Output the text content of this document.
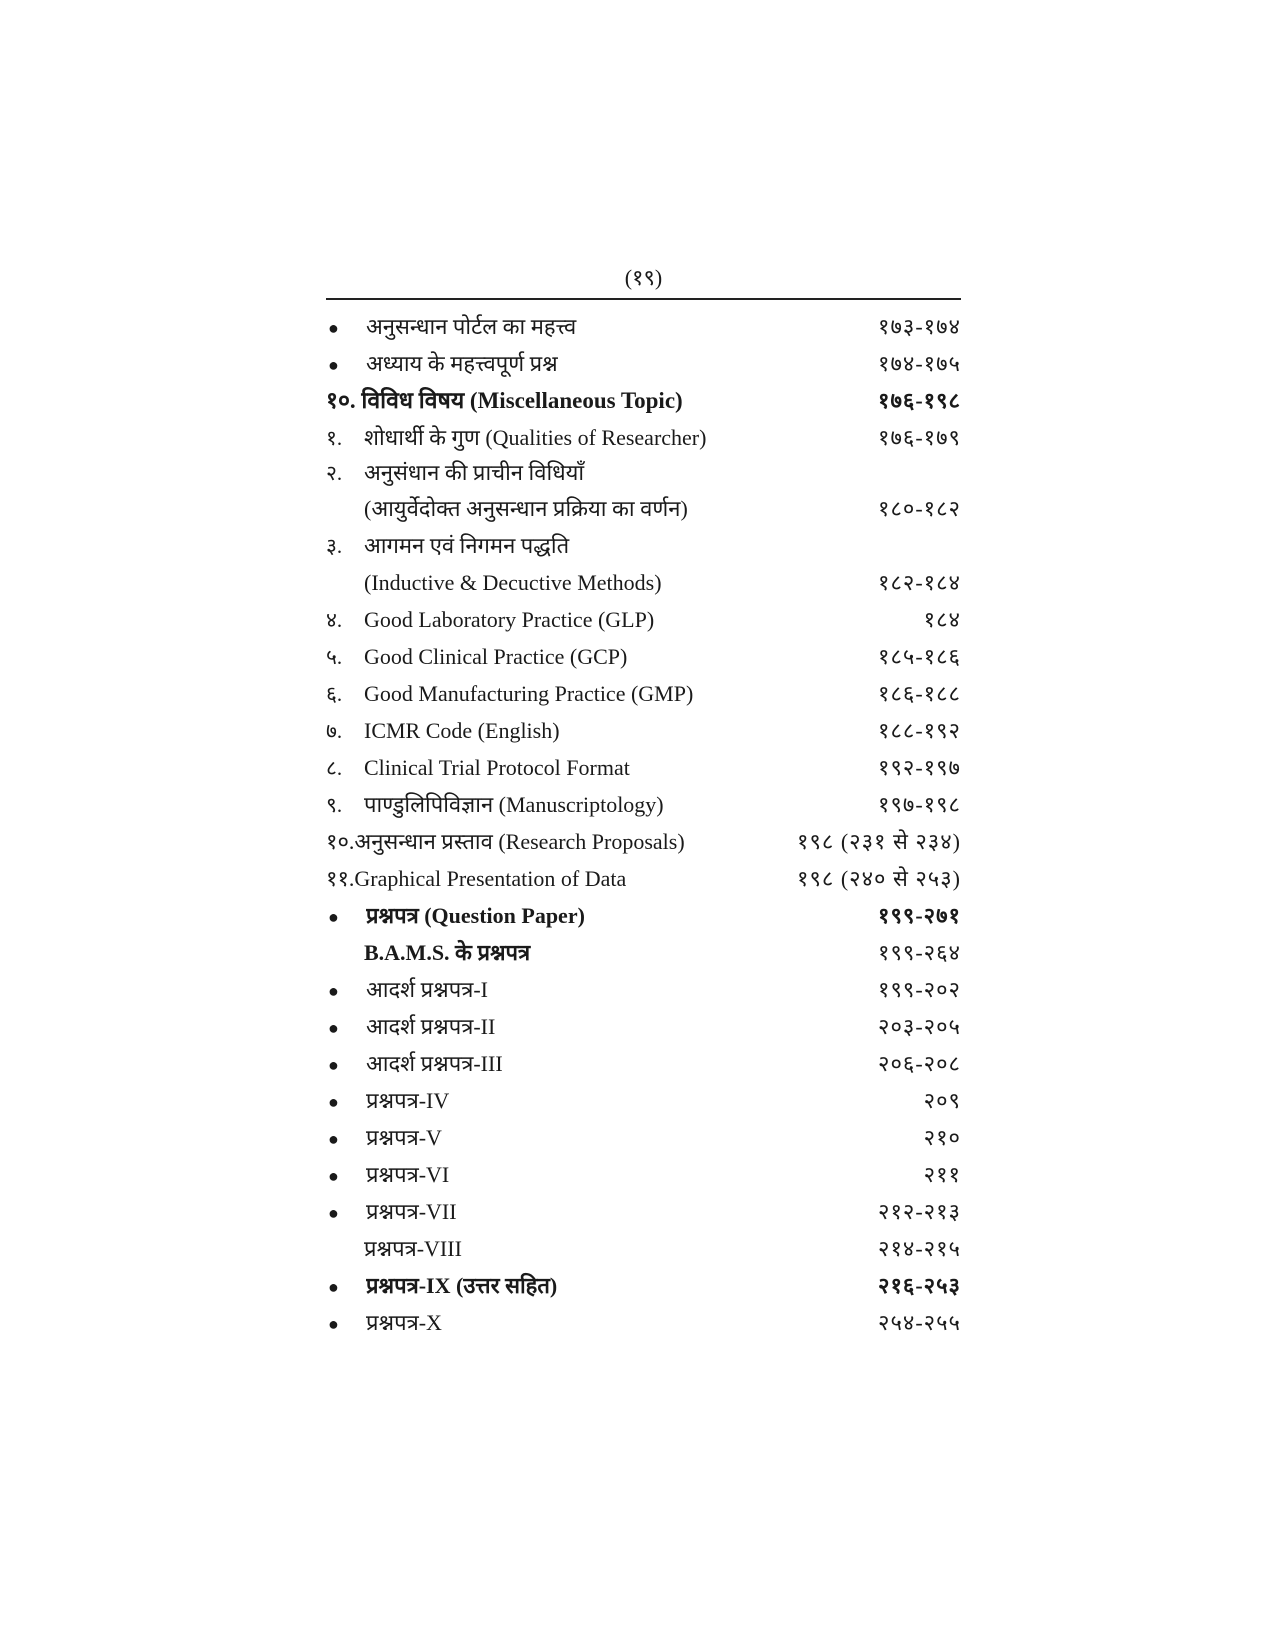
(१९)
●	अनुसन्धान पोर्टल का महत्त्व	१७३-१७४
●	अध्याय के महत्त्वपूर्ण प्रश्न	१७४-१७५
१०. विविध विषय (Miscellaneous Topic)	१७६-१९८
१. शोधार्थी के गुण (Qualities of Researcher)	१७६-१७९
२. अनुसंधान की प्राचीन विधियाँ
(आयुर्वेदोक्त अनुसन्धान प्रक्रिया का वर्णन)	१८०-१८२
३. आगमन एवं निगमन पद्धति
(Inductive & Decuctive Methods)	१८२-१८४
४. Good Laboratory Practice (GLP)	१८४
५. Good Clinical Practice (GCP)	१८५-१८६
६. Good Manufacturing Practice (GMP)	१८६-१८८
७. ICMR Code (English)	१८८-१९२
८. Clinical Trial Protocol Format	१९२-१९७
९. पाण्डुलिपिविज्ञान (Manuscriptology)	१९७-१९८
१०.अनुसन्धान प्रस्ताव (Research Proposals)	१९८ (२३१ से २३४)
११.Graphical Presentation of Data	१९८ (२४० से २५३)
●	प्रश्नपत्र (Question Paper)	१९९-२७१
B.A.M.S. के प्रश्नपत्र	१९९-२६४
●	आदर्श प्रश्नपत्र-I	१९९-२०२
●	आदर्श प्रश्नपत्र-II	२०३-२०५
●	आदर्श प्रश्नपत्र-III	२०६-२०८
●	प्रश्नपत्र-IV	२०९
●	प्रश्नपत्र-V	२१०
●	प्रश्नपत्र-VI	२११
●	प्रश्नपत्र-VII	२१२-२१३
प्रश्नपत्र-VIII	२१४-२१५
●	प्रश्नपत्र-IX (उत्तर सहित)	२१६-२५३
●	प्रश्नपत्र-X	२५४-२५५
